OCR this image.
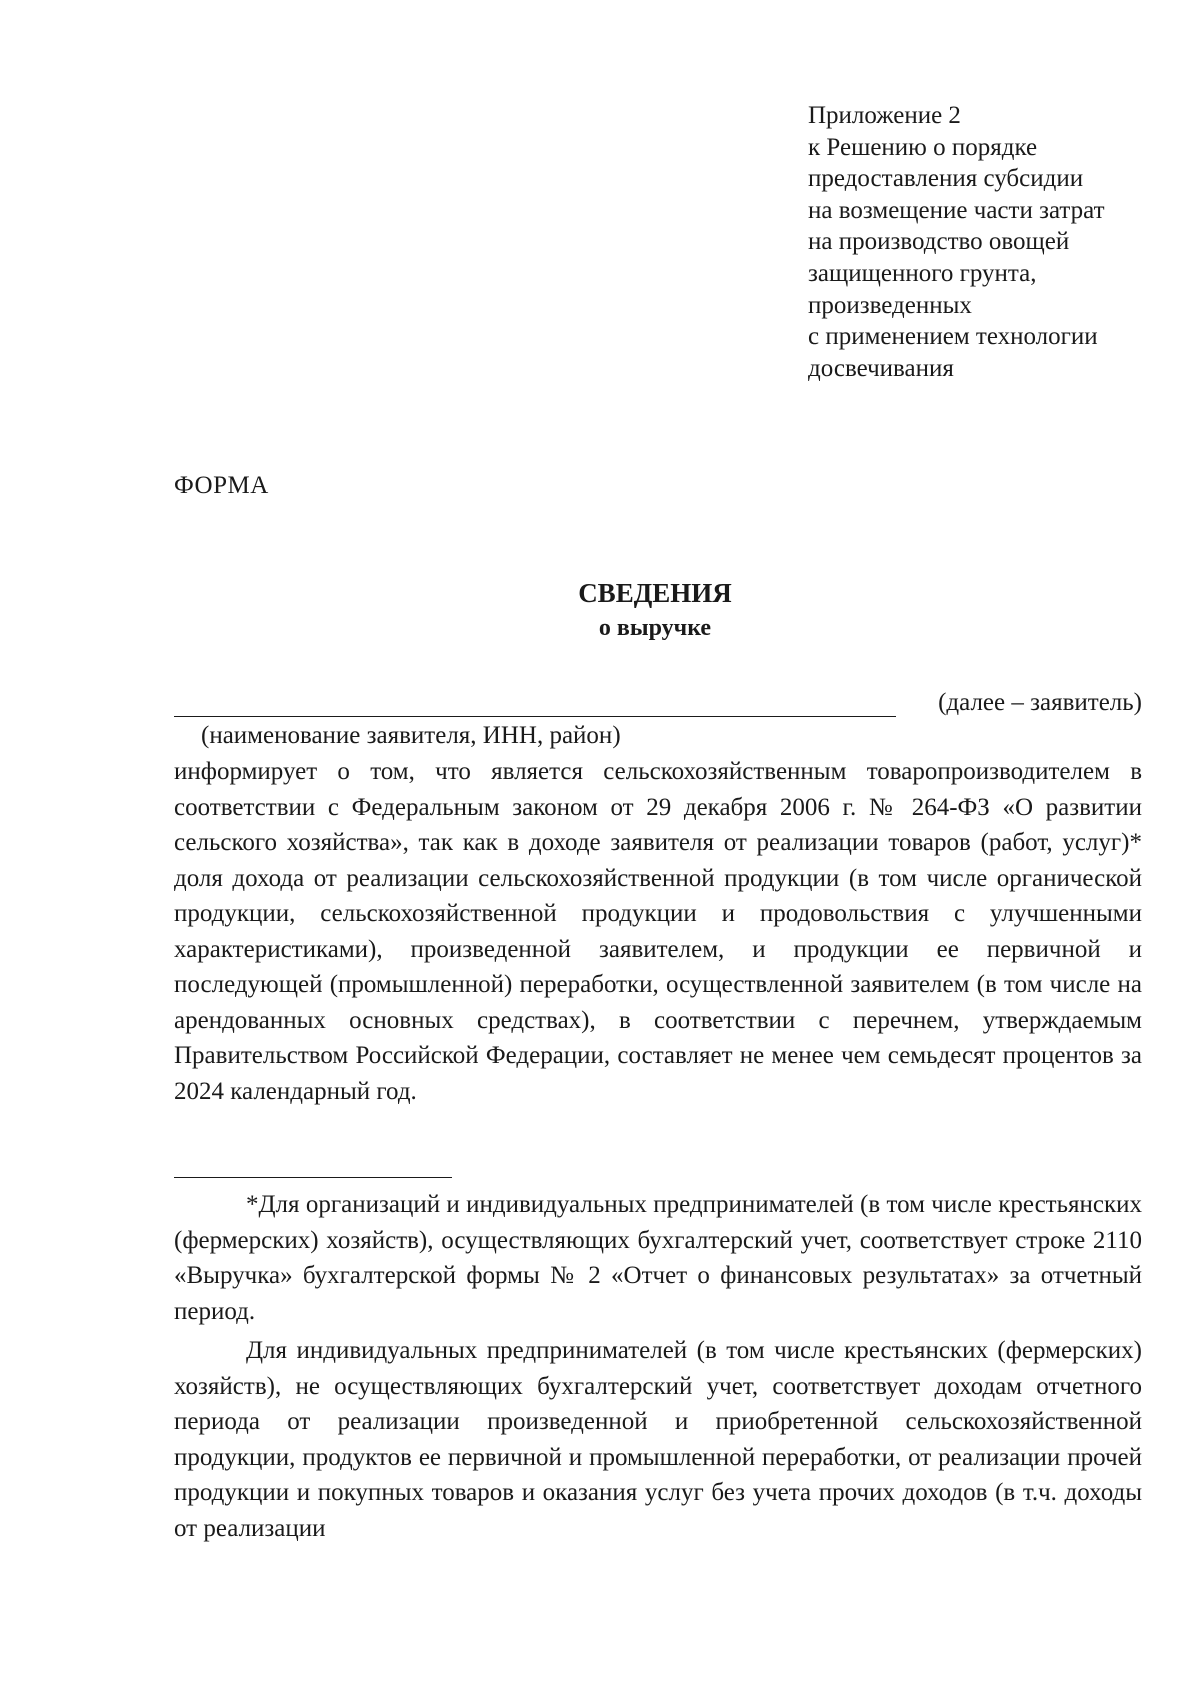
Приложение 2
к Решению о порядке
предоставления субсидии
на возмещение части затрат
на производство овощей
защищенного грунта,
произведенных
с применением технологии
досвечивания
ФОРМА
СВЕДЕНИЯ
о выручке
(далее – заявитель)
(наименование заявителя, ИНН, район)

информирует о том, что является сельскохозяйственным товаропроизводителем в соответствии с Федеральным законом от 29 декабря 2006 г. № 264-ФЗ «О развитии сельского хозяйства», так как в доходе заявителя от реализации товаров (работ, услуг)* доля дохода от реализации сельскохозяйственной продукции (в том числе органической продукции, сельскохозяйственной продукции и продовольствия с улучшенными характеристиками), произведенной заявителем, и продукции ее первичной и последующей (промышленной) переработки, осуществленной заявителем (в том числе на арендованных основных средствах), в соответствии с перечнем, утверждаемым Правительством Российской Федерации, составляет не менее чем семьдесят процентов за 2024 календарный год.

*Для организаций и индивидуальных предпринимателей (в том числе крестьянских (фермерских) хозяйств), осуществляющих бухгалтерский учет, соответствует строке 2110 «Выручка» бухгалтерской формы № 2 «Отчет о финансовых результатах» за отчетный период.

Для индивидуальных предпринимателей (в том числе крестьянских (фермерских) хозяйств), не осуществляющих бухгалтерский учет, соответствует доходам отчетного периода от реализации произведенной и приобретенной сельскохозяйственной продукции, продуктов ее первичной и промышленной переработки, от реализации прочей продукции и покупных товаров и оказания услуг без учета прочих доходов (в т.ч. доходы от реализации
